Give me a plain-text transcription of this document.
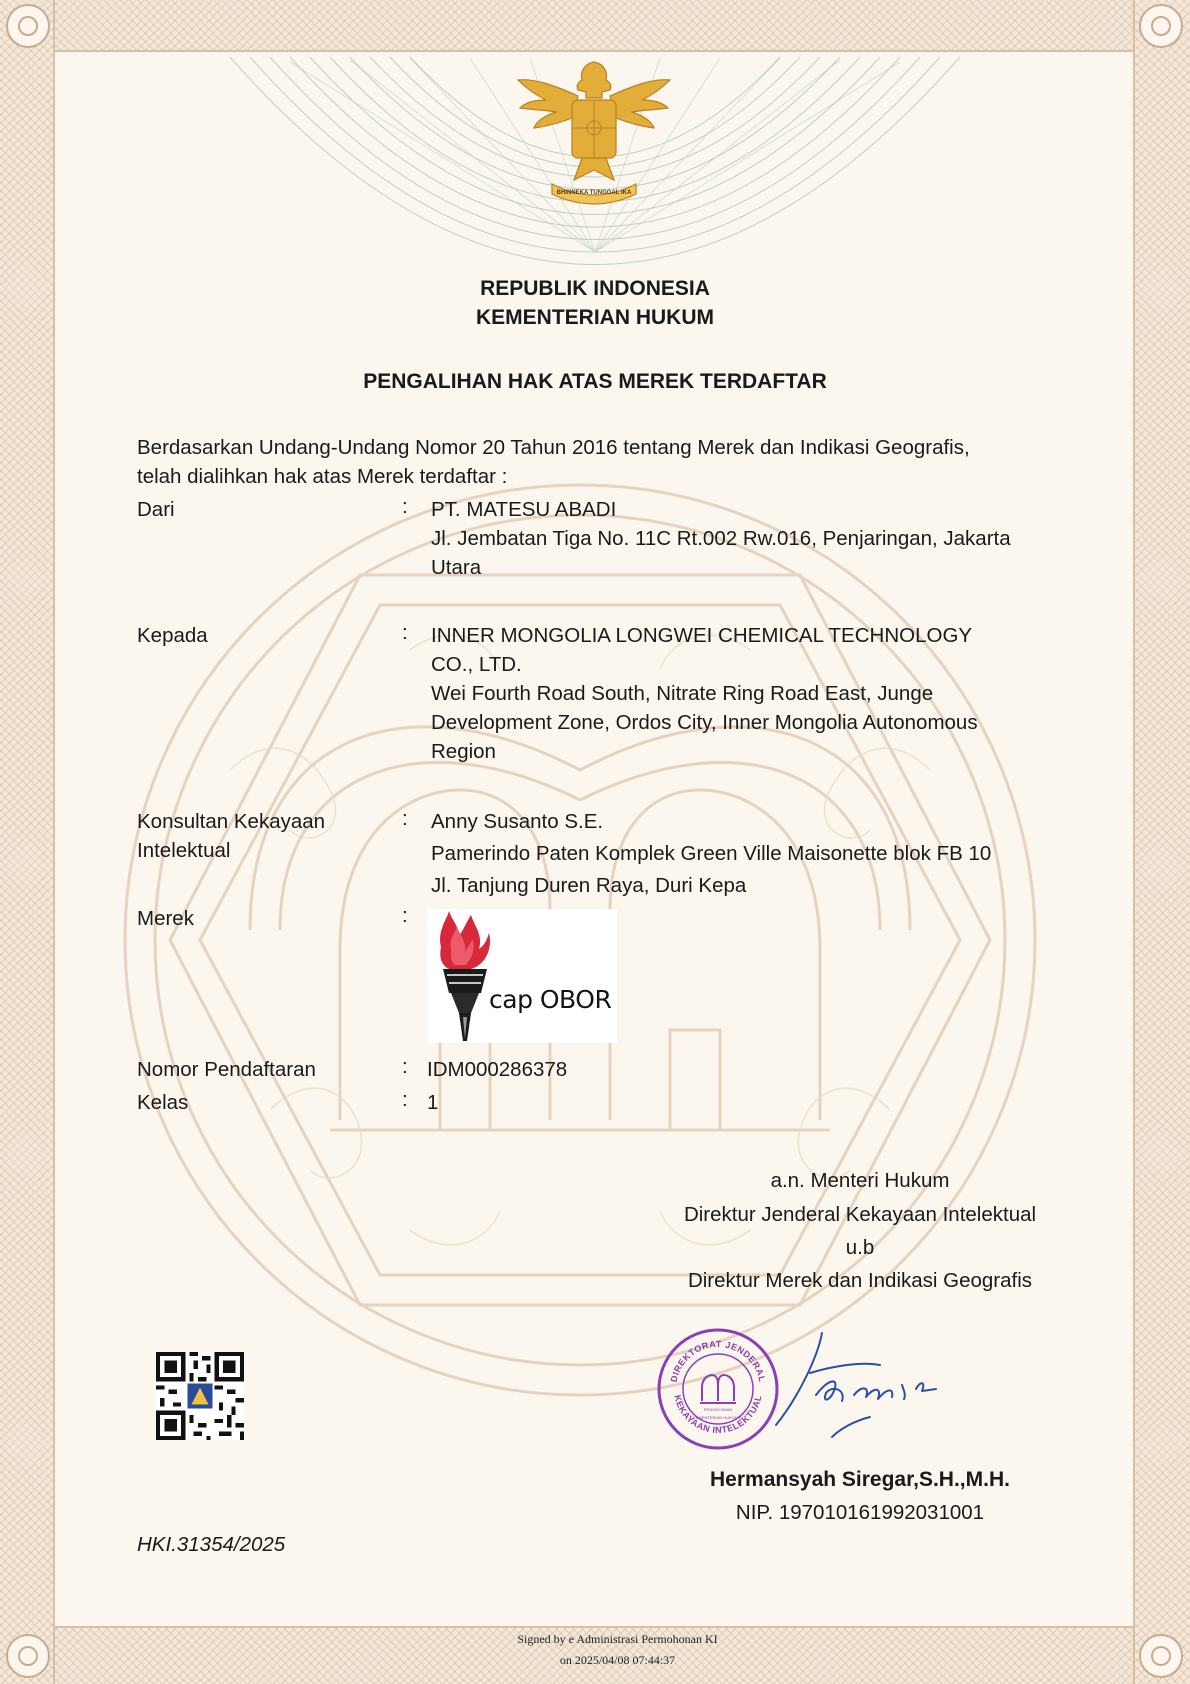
BHINNEKA TUNGGAL IKA
REPUBLIK INDONESIA
KEMENTERIAN HUKUM
PENGALIHAN HAK ATAS MEREK TERDAFTAR
Berdasarkan Undang-Undang Nomor 20 Tahun 2016 tentang Merek dan Indikasi Geografis,
telah dialihkan hak atas Merek terdaftar :
Dari	: PT. MATESU ABADI
Jl. Jembatan Tiga No. 11C Rt.002 Rw.016, Penjaringan, Jakarta
Utara
Kepada	: INNER MONGOLIA LONGWEI CHEMICAL TECHNOLOGY
CO., LTD.
Wei Fourth Road South, Nitrate Ring Road East, Junge
Development Zone, Ordos City, Inner Mongolia Autonomous
Region
Konsultan Kekayaan
Intelektual
: Anny Susanto S.E.
Pamerindo Paten Komplek Green Ville Maisonette blok FB 10
Jl. Tanjung Duren Raya, Duri Kepa
Merek	:
cap OBOR
Nomor Pendaftaran	: IDM000286378
Kelas	: 1
a.n. Menteri Hukum
Direktur Jenderal Kekayaan Intelektual
u.b
Direktur Merek dan Indikasi Geografis
DIREKTORAT JENDERAL
KEKAYAAN INTELEKTUAL
PENGAYOMAN
KEMENTERIAN HUKUM RI
Hermansyah Siregar,S.H.,M.H.
NIP. 197010161992031001
HKI.31354/2025
Signed by e Administrasi Permohonan KI
on 2025/04/08 07:44:37
